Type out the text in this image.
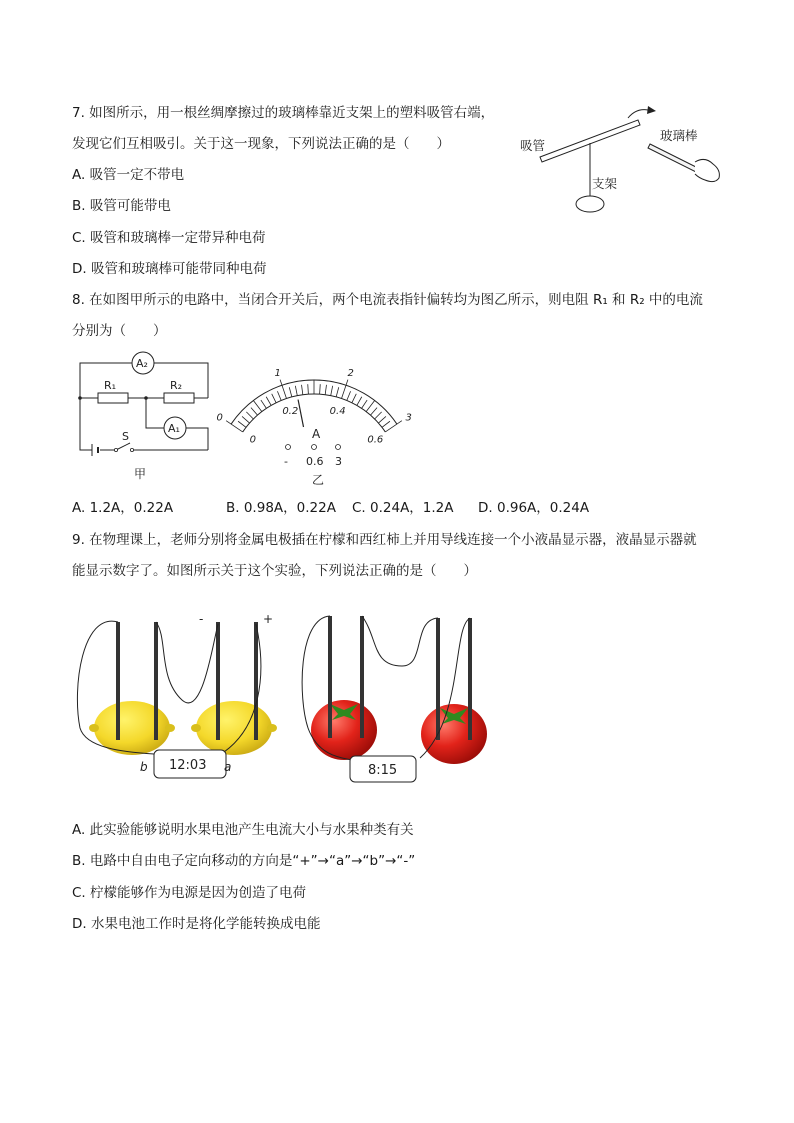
7. 如图所示，用一根丝绸摩擦过的玻璃棒靠近支架上的塑料吸管右端，
发现它们互相吸引。关于这一现象，下列说法正确的是（　　）
A. 吸管一定不带电
B. 吸管可能带电
C. 吸管和玻璃棒一定带异种电荷
D. 吸管和玻璃棒可能带同种电荷
吸管
玻璃棒
支架
8. 在如图甲所示的电路中，当闭合开关后，两个电流表指针偏转均为图乙所示，则电阻 R₁ 和 R₂ 中的电流
分别为（　　）
A₂
A₁
R₁	R₂
S
甲
0
1	2
3
0
0.2	0.4
0.6
A
- 0.6 3
乙
A. 1.2A，0.22A	B. 0.98A，0.22A C. 0.24A，1.2A D. 0.96A，0.24A
9. 在物理课上，老师分别将金属电极插在柠檬和西红柿上并用导线连接一个小液晶显示器，液晶显示器就
能显示数字了。如图所示关于这个实验，下列说法正确的是（　　）
12:03	8:15
b	a
-	+
A. 此实验能够说明水果电池产生电流大小与水果种类有关
B. 电路中自由电子定向移动的方向是“+”→“a”→“b”→“-”
C. 柠檬能够作为电源是因为创造了电荷
D. 水果电池工作时是将化学能转换成电能
